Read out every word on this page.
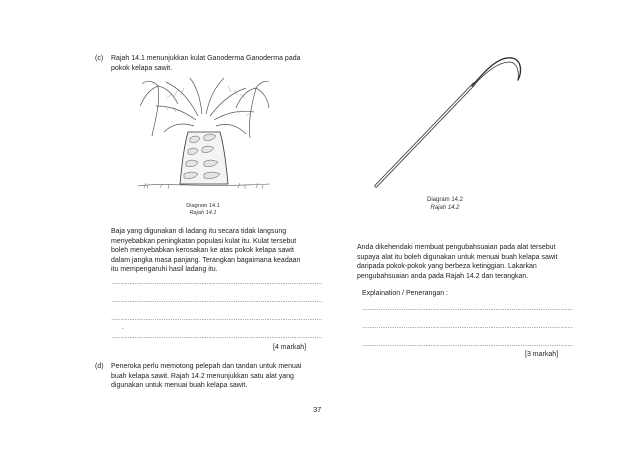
(c) Rajah 14.1 menunjukkan kulat Ganoderma Ganoderma pada
pokok kelapa sawit.
Diagram 14.1
Rajah 14.1
Baja yang digunakan di ladang itu secara tidak langsung
menyebabkan peningkatan populasi kulat itu. Kulat tersebut
boleh menyebabkan kerosakan ke atas pokok kelapa sawit
dalam jangka masa panjang. Terangkan bagaimana keadaan
itu mempengaruhi hasil ladang itu.
………………………………………………………………………………………………………
………………………………………………………………………………………………………
………………………………………………………………………………………………………
.
………………………………………………………………………………………………………
[4 markah]
(d) Peneroka perlu memotong pelepah dan tandan untuk menuai
buah kelapa sawit. Rajah 14.2 menunjukkan satu alat yang
digunakan untuk menuai buah kelapa sawit.
Diagram 14.2
Rajah 14.2
Anda dikehendaki membuat pengubahsuaian pada alat tersebut
supaya alat itu boleh digunakan untuk menuai buah kelapa sawit
daripada pokok-pokok yang berbeza ketinggian. Lakarkan
pengubahsuaian anda pada Rajah 14.2 dan terangkan.
Explaination / Penerangan :
………………………………………………………………………………………………………
………………………………………………………………………………………………………
………………………………………………………………………………………………………
[3 markah]
37
